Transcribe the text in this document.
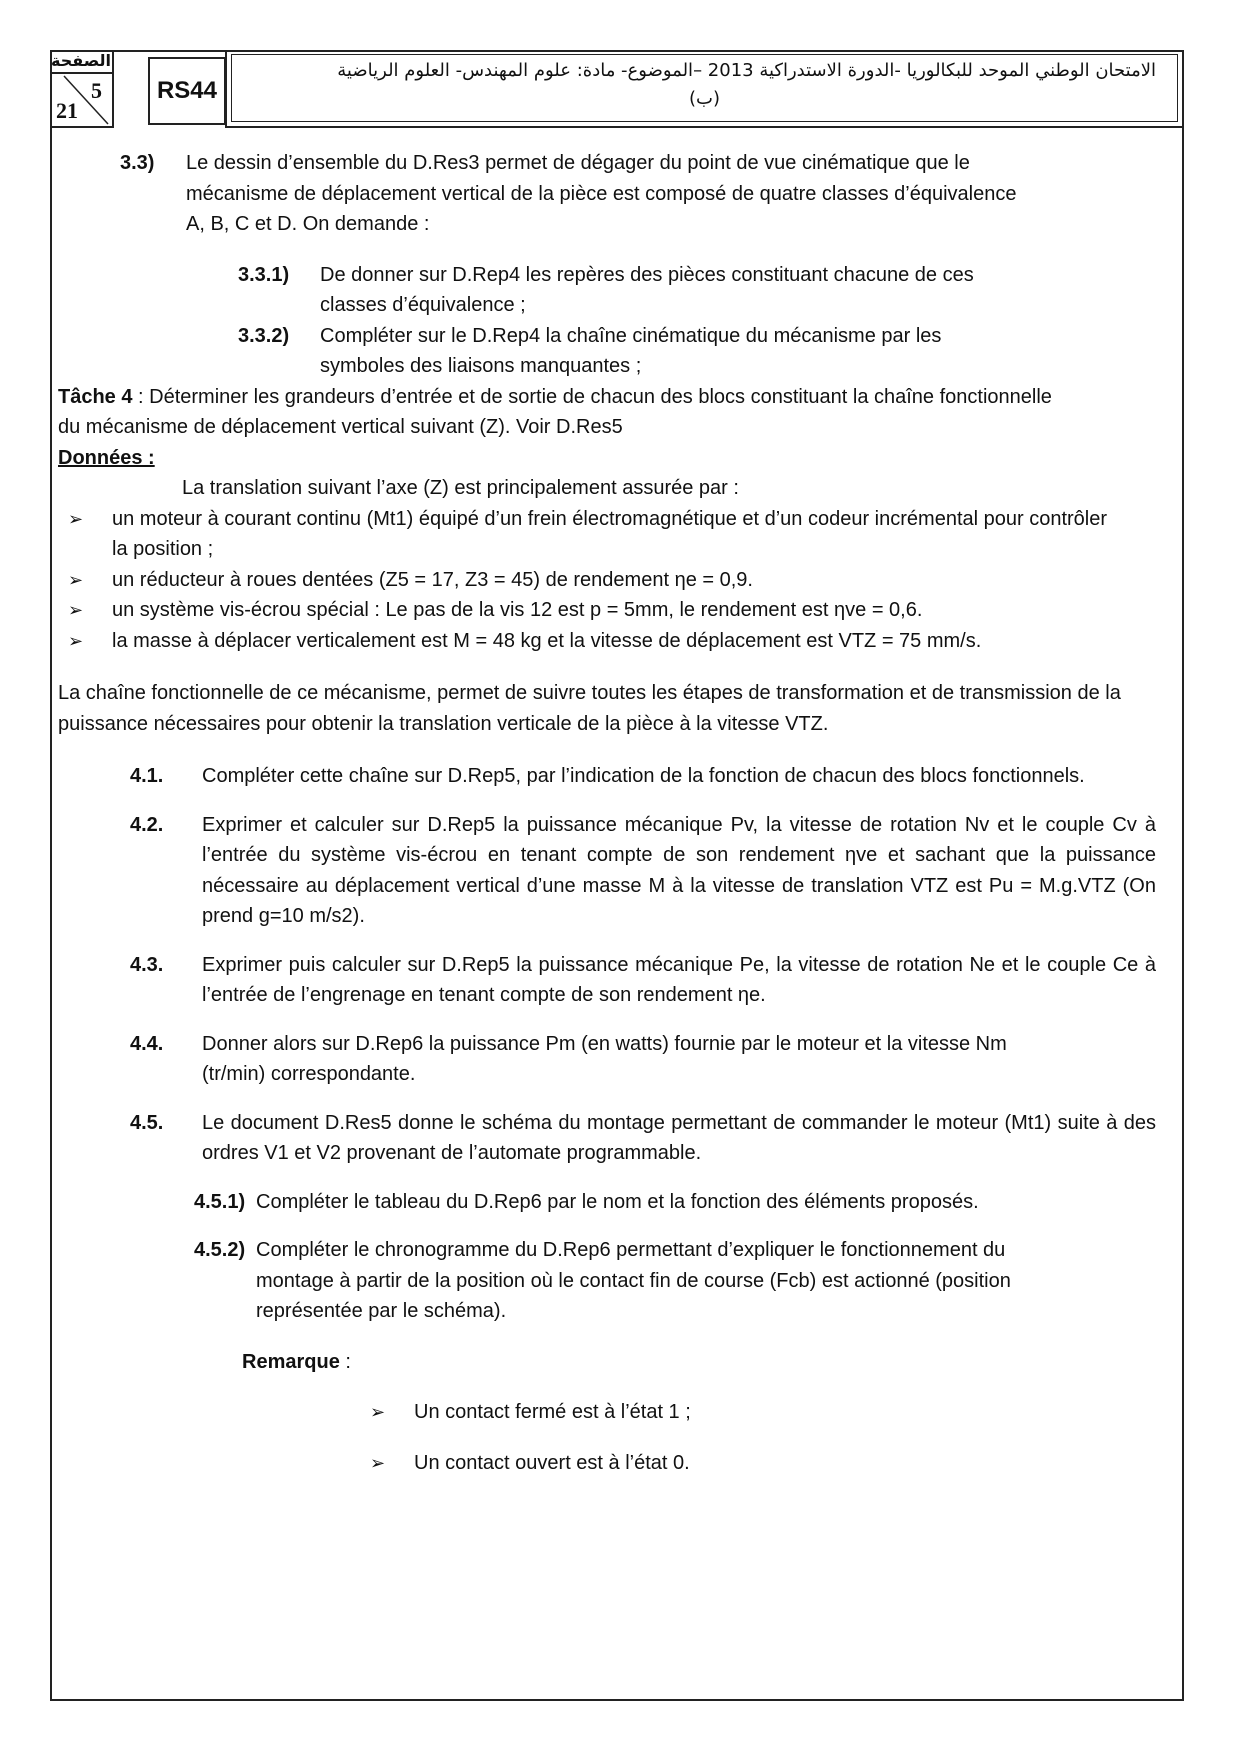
الصفحة
5
21
RS44
الامتحان الوطني الموحد للبكالوريا -الدورة الاستدراكية 2013 –الموضوع- مادة: علوم المهندس- العلوم الرياضية
(ب)
3.3)	Le dessin d’ensemble du D.Res3 permet de dégager du point de vue cinématique que le mécanisme de déplacement vertical de la pièce est composé de quatre classes d’équivalence A, B, C et D. On demande :
3.3.1)	De donner sur D.Rep4 les repères des pièces constituant chacune de ces classes d’équivalence ;
3.3.2)	Compléter sur le D.Rep4 la chaîne cinématique du mécanisme par les symboles des liaisons manquantes ;
Tâche 4 : Déterminer les grandeurs d’entrée et de sortie de chacun des blocs constituant la chaîne fonctionnelle du mécanisme de déplacement vertical suivant (Z). Voir D.Res5
Données :
La translation suivant l’axe (Z) est principalement assurée par :
➢	un moteur à courant continu (Mt1) équipé d’un frein électromagnétique et d’un codeur incrémental pour contrôler la position ;
➢	un réducteur à roues dentées (Z5 = 17, Z3 = 45) de rendement ηe = 0,9.
➢	un système vis-écrou spécial : Le pas de la vis 12 est p = 5mm, le rendement est ηve = 0,6.
➢	la masse à déplacer verticalement est M = 48 kg et la vitesse de déplacement est VTZ = 75 mm/s.
La chaîne fonctionnelle de ce mécanisme, permet de suivre toutes les étapes de transformation et de transmission de la puissance nécessaires pour obtenir la translation verticale de la pièce à la vitesse VTZ.
4.1.	Compléter cette chaîne sur D.Rep5, par l’indication de la fonction de chacun des blocs fonctionnels.
4.2.	Exprimer et calculer sur D.Rep5 la puissance mécanique Pv, la vitesse de rotation Nv et le couple Cv à l’entrée du système vis-écrou en tenant compte de son rendement ηve et sachant que la puissance nécessaire au déplacement vertical d’une masse M à la vitesse de translation VTZ est Pu = M.g.VTZ (On prend g=10 m/s2).
4.3.	Exprimer puis calculer sur D.Rep5 la puissance mécanique Pe, la vitesse de rotation Ne et le couple Ce à l’entrée de l’engrenage en tenant compte de son rendement ηe.
4.4.	Donner alors sur D.Rep6 la puissance Pm (en watts) fournie par le moteur et la vitesse Nm (tr/min) correspondante.
4.5.	Le document D.Res5 donne le schéma du montage permettant de commander le moteur (Mt1) suite à des ordres V1 et V2 provenant de l’automate programmable.
4.5.1) Compléter le tableau du D.Rep6 par le nom et la fonction des éléments proposés.
4.5.2) Compléter le chronogramme du D.Rep6 permettant d’expliquer le fonctionnement du montage à partir de la position où le contact fin de course (Fcb) est actionné (position représentée par le schéma).
Remarque :
➢	Un contact fermé est à l’état 1 ;
➢	Un contact ouvert est à l’état 0.
